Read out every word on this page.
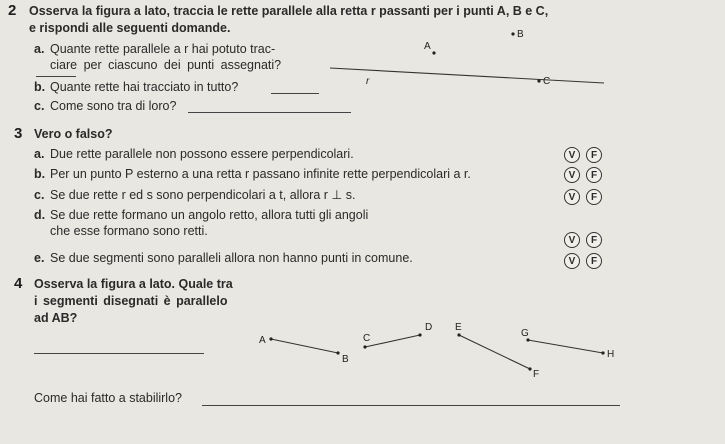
2 Osserva la figura a lato, traccia le rette parallele alla retta r passanti per i punti A, B e C,
e rispondi alle seguenti domande.
a. Quante rette parallele a r hai potuto trac-
ciare per ciascuno dei punti assegnati?
b. Quante rette hai tracciato in tutto?
c. Come sono tra di loro?
3 Vero o falso?
a. Due rette parallele non possono essere perpendicolari.	V	F
b. Per un punto P esterno a una retta r passano infinite rette perpendicolari a r.	V	F
c. Se due rette r ed s sono perpendicolari a t, allora r ⊥ s.	V	F
d. Se due rette formano un angolo retto, allora tutti gli angoli
che esse formano sono retti.
V	F
e. Se due segmenti sono paralleli allora non hanno punti in comune.	V	F
4 Osserva la figura a lato. Quale tra
i segmenti disegnati è parallelo
ad AB?
Come hai fatto a stabilirlo?
A
B
C
r
A
B
C
D E
F
G
H
